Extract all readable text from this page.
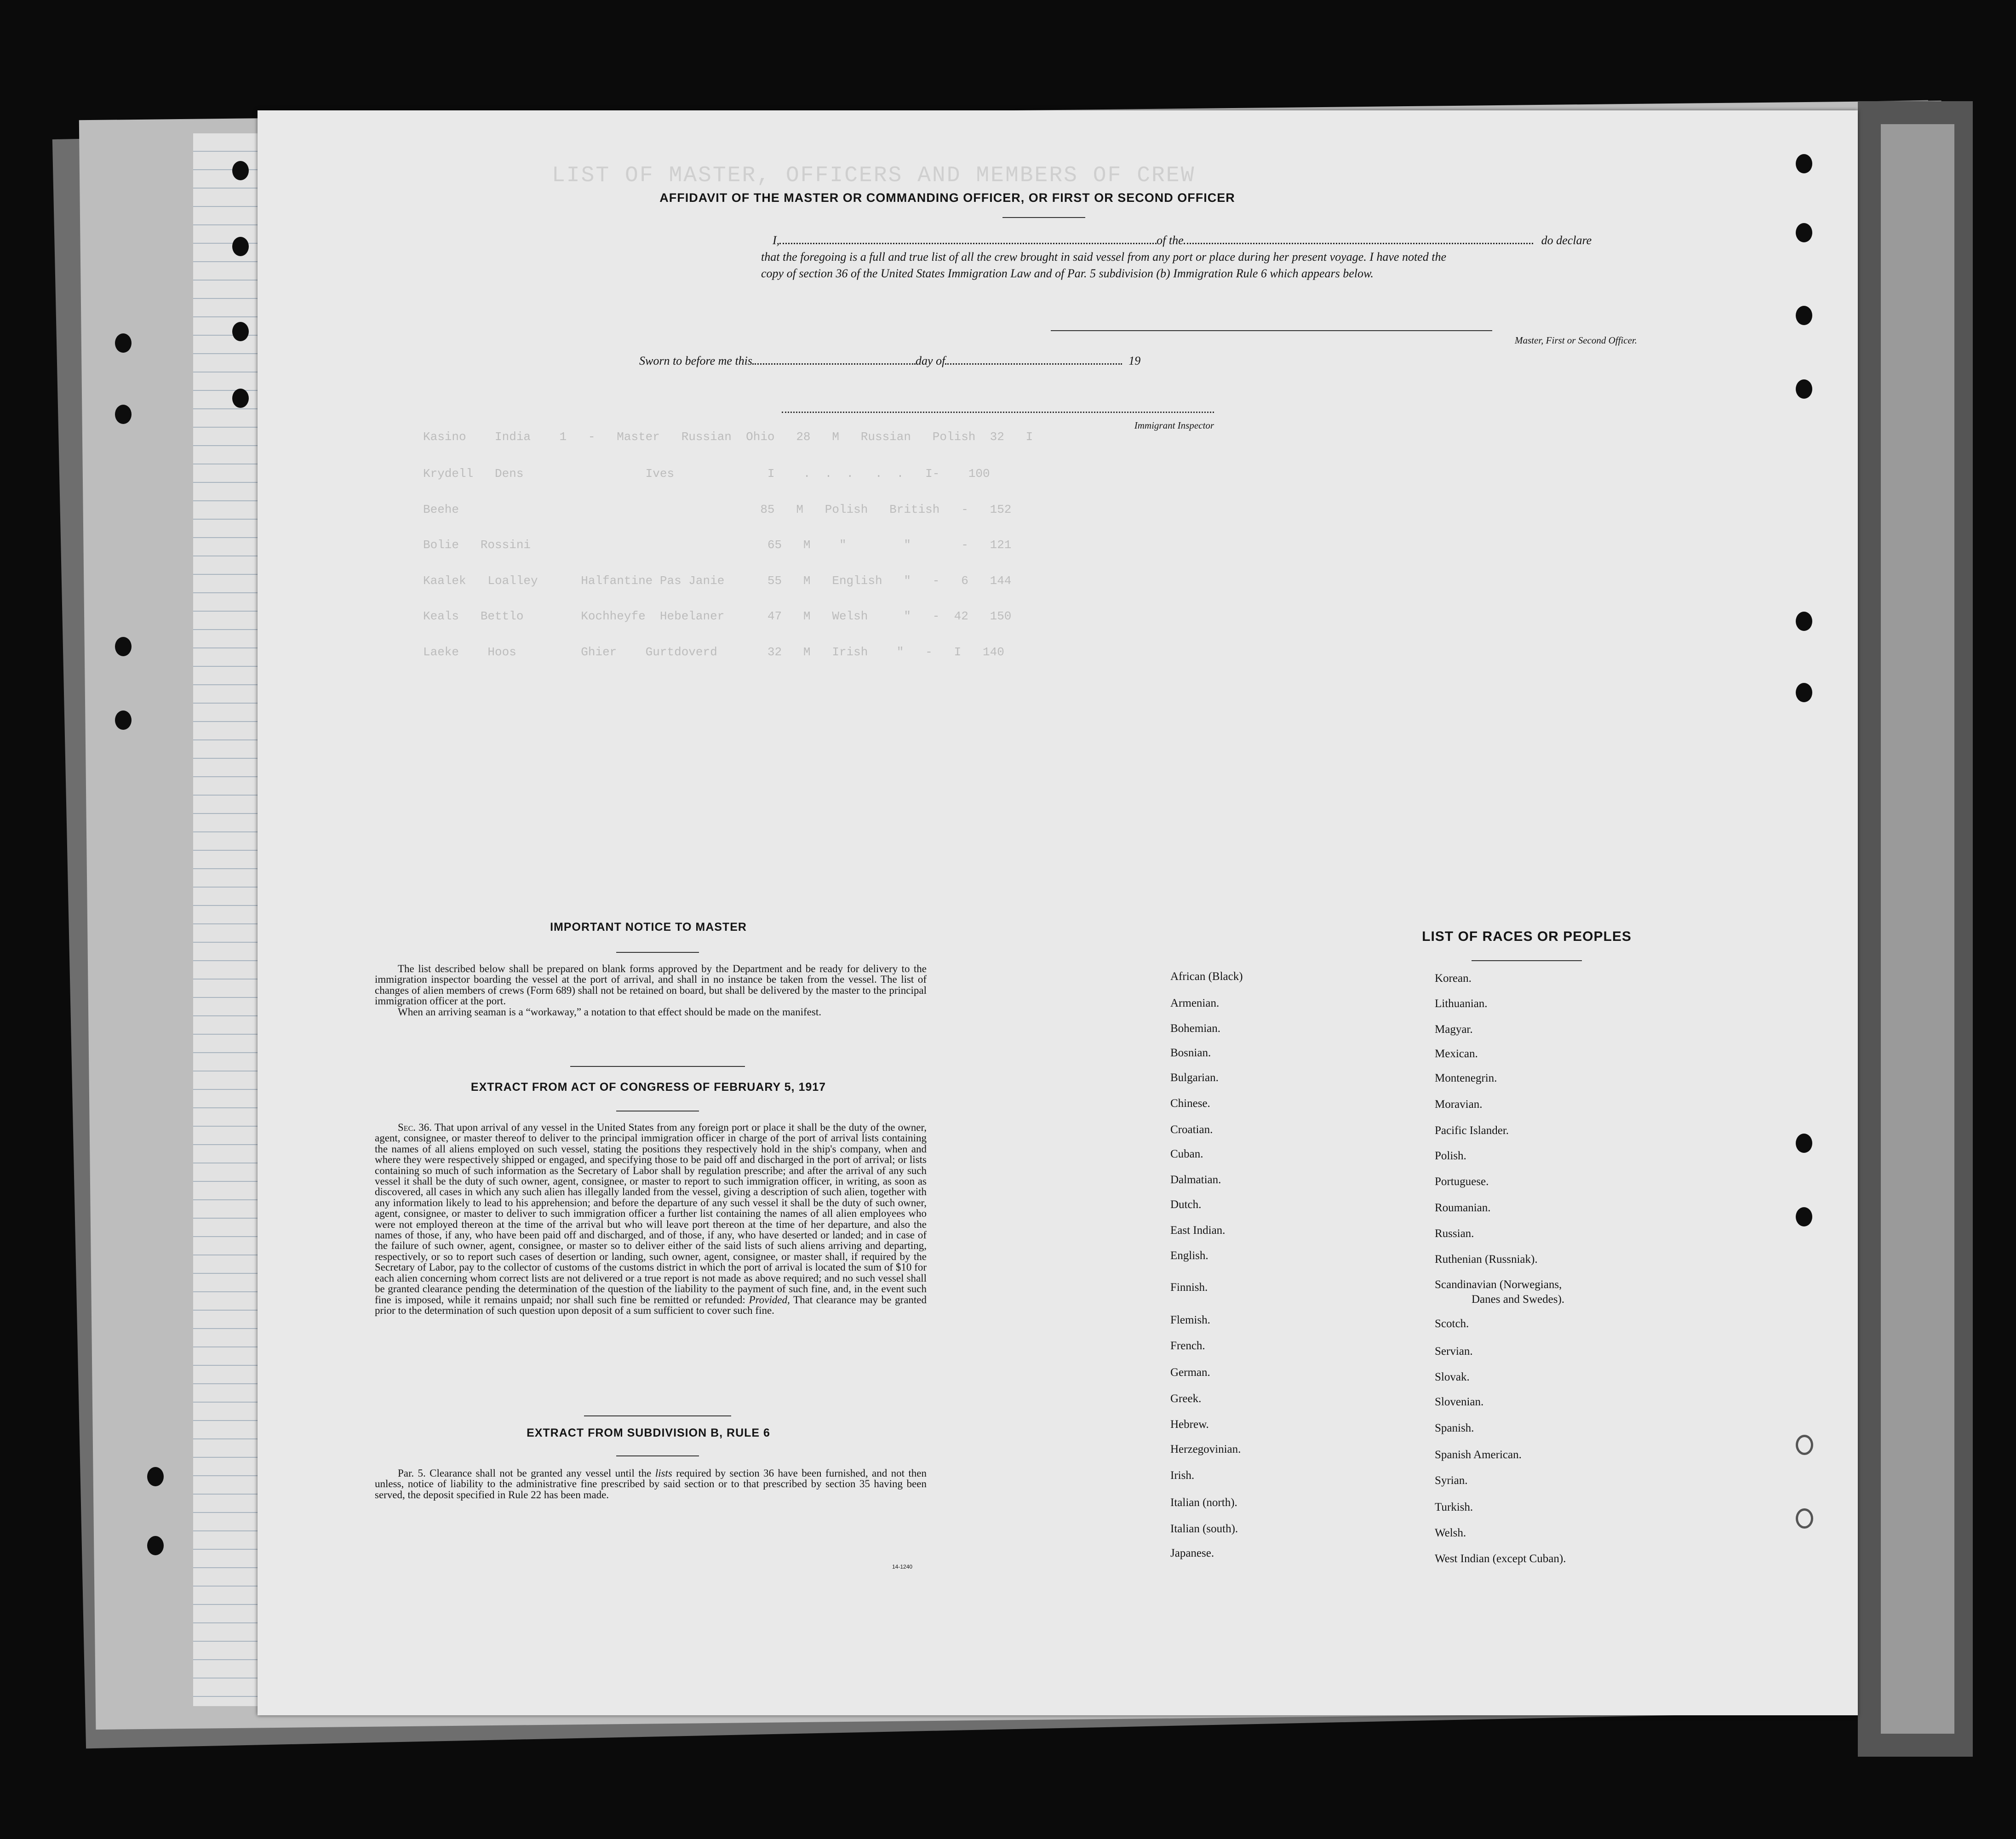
LIST OF MASTER, OFFICERS AND MEMBERS OF CREW
Kasino    India    1   -   Master   Russian  Ohio   28   M   Russian   Polish  32   I
Krydell   Dens                 Ives             I    .  .  .   .  .   I-    100
Beehe                                          85   M   Polish   British   -   152
Bolie   Rossini                                 65   M    "        "       -   121
Kaalek   Loalley      Halfantine Pas Janie      55   M   English   "   -   6   144
Keals   Bettlo        Kochheyfe  Hebelaner      47   M   Welsh     "   -  42   150
Laeke    Hoos         Ghier    Gurtdoverd       32   M   Irish    "   -   I   140
AFFIDAVIT OF THE MASTER OR COMMANDING OFFICER, OR FIRST OR SECOND OFFICER
I,	of the	do declare
that the foregoing is a full and true list of all the crew brought in said vessel from any port or place during her present voyage. I have noted the
copy of section 36 of the United States Immigration Law and of Par. 5 subdivision (b) Immigration Rule 6 which appears below.
Master, First or Second Officer.
Sworn to before me this	day of	19
Immigrant Inspector
IMPORTANT NOTICE TO MASTER

The list described below shall be prepared on blank forms approved by the Department and be ready for delivery to the immigration inspector boarding the vessel at the port of arrival, and shall in no instance be taken from the vessel. The list of changes of alien members of crews (Form 689) shall not be retained on board, but shall be delivered by the master to the principal immigration officer at the port.

When an arriving seaman is a “workaway,” a notation to that effect should be made on the manifest.

EXTRACT FROM ACT OF CONGRESS OF FEBRUARY 5, 1917

Sec. 36. That upon arrival of any vessel in the United States from any foreign port or place it shall be the duty of the owner, agent, consignee, or master thereof to deliver to the principal immigration officer in charge of the port of arrival lists containing the names of all aliens employed on such vessel, stating the positions they respectively hold in the ship's company, when and where they were respectively shipped or engaged, and specifying those to be paid off and discharged in the port of arrival; or lists containing so much of such information as the Secretary of Labor shall by regulation prescribe; and after the arrival of any such vessel it shall be the duty of such owner, agent, consignee, or master to report to such immigration officer, in writing, as soon as discovered, all cases in which any such alien has illegally landed from the vessel, giving a description of such alien, together with any information likely to lead to his apprehension; and before the departure of any such vessel it shall be the duty of such owner, agent, consignee, or master to deliver to such immigration officer a further list containing the names of all alien employees who were not employed thereon at the time of the arrival but who will leave port thereon at the time of her departure, and also the names of those, if any, who have been paid off and discharged, and of those, if any, who have deserted or landed; and in case of the failure of such owner, agent, consignee, or master so to deliver either of the said lists of such aliens arriving and departing, respectively, or so to report such cases of desertion or landing, such owner, agent, consignee, or master shall, if required by the Secretary of Labor, pay to the collector of customs of the customs district in which the port of arrival is located the sum of $10 for each alien concerning whom correct lists are not delivered or a true report is not made as above required; and no such vessel shall be granted clearance pending the determination of the question of the liability to the payment of such fine, and, in the event such fine is imposed, while it remains unpaid; nor shall such fine be remitted or refunded: Provided, That clearance may be granted prior to the determination of such question upon deposit of a sum sufficient to cover such fine.

EXTRACT FROM SUBDIVISION B, RULE 6

Par. 5. Clearance shall not be granted any vessel until the lists required by section 36 have been furnished, and not then unless, notice of liability to the administrative fine prescribed by said section or to that prescribed by section 35 having been served, the deposit specified in Rule 22 has been made.

14-1240
LIST OF RACES OR PEOPLES
African (Black)
Armenian.
Bohemian.
Bosnian.
Bulgarian.
Chinese.
Croatian.
Cuban.
Dalmatian.
Dutch.
East Indian.
English.
Finnish.
Flemish.
French.
German.
Greek.
Hebrew.
Herzegovinian.
Irish.
Italian (north).
Italian (south).
Japanese.
Korean.
Lithuanian.
Magyar.
Mexican.
Montenegrin.
Moravian.
Pacific Islander.
Polish.
Portuguese.
Roumanian.
Russian.
Ruthenian (Russniak).
Scandinavian (Norwegians,
Danes and Swedes).
Scotch.
Servian.
Slovak.
Slovenian.
Spanish.
Spanish American.
Syrian.
Turkish.
Welsh.
West Indian (except Cuban).
